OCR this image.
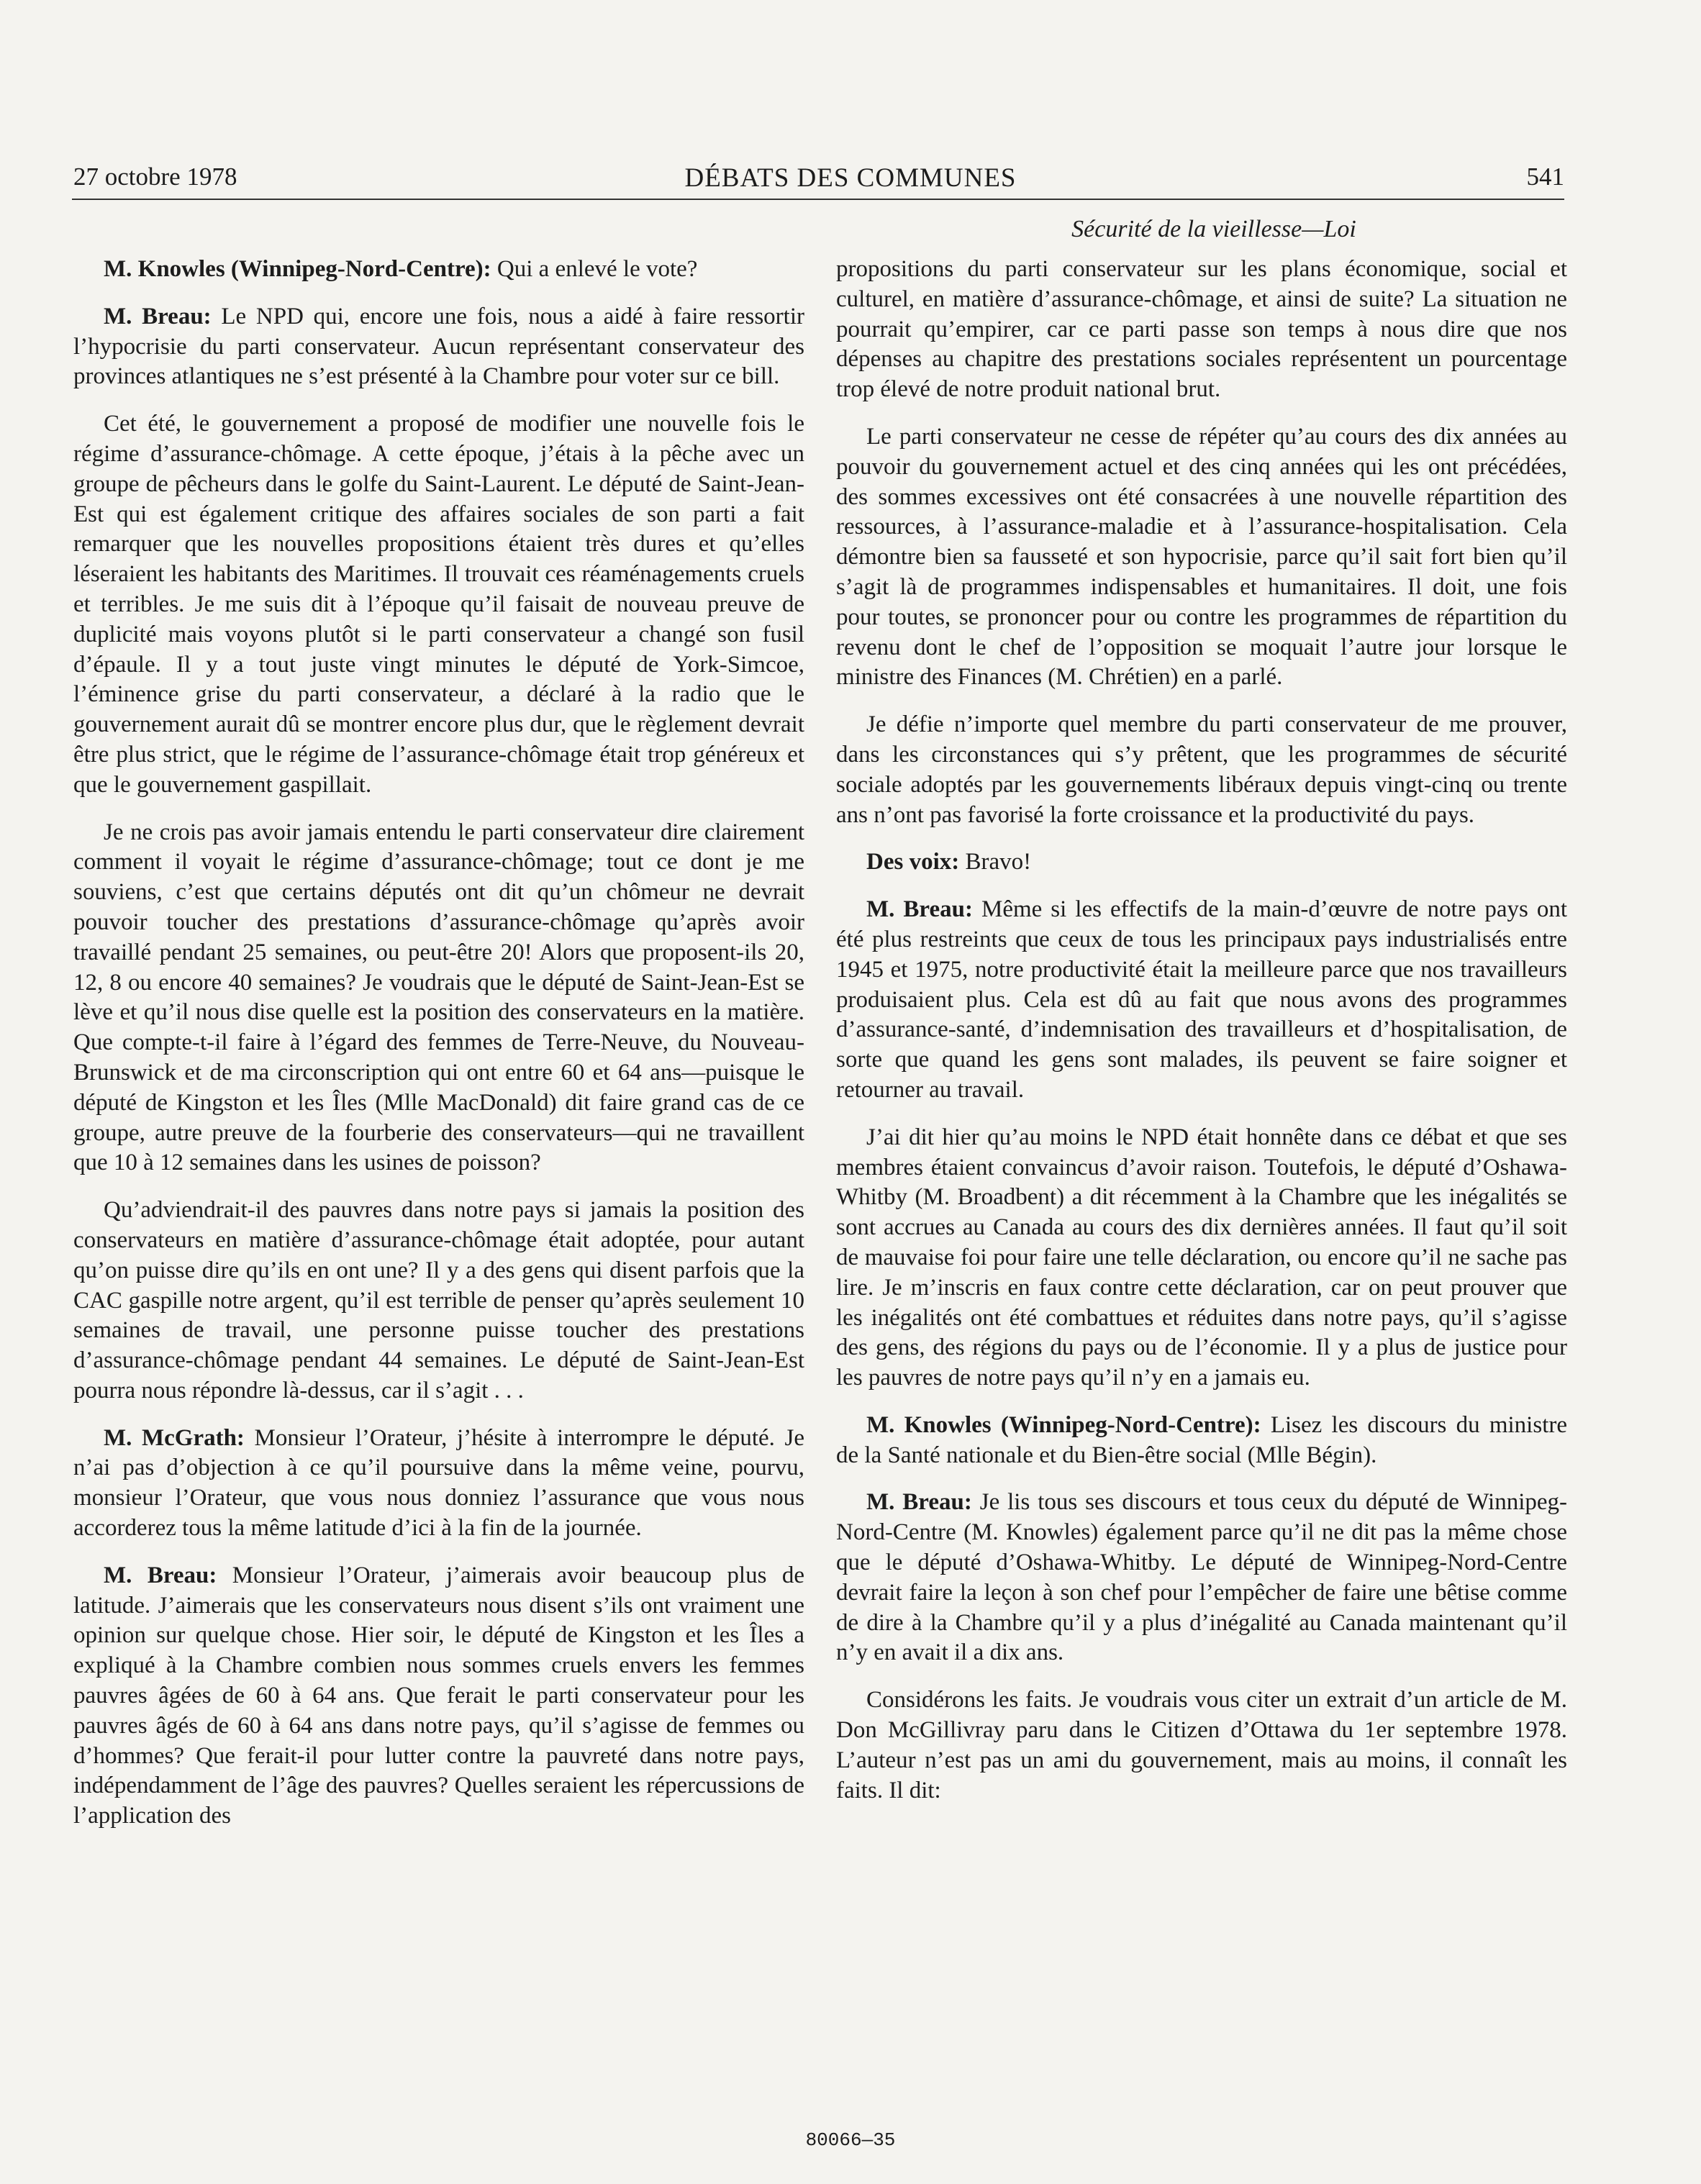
27 octobre 1978	DÉBATS DES COMMUNES	541
Sécurité de la vieillesse—Loi

M. Knowles (Winnipeg-Nord-Centre): Qui a enlevé le vote?

M. Breau: Le NPD qui, encore une fois, nous a aidé à faire ressortir l’hypocrisie du parti conservateur. Aucun représentant conservateur des provinces atlantiques ne s’est présenté à la Chambre pour voter sur ce bill.

Cet été, le gouvernement a proposé de modifier une nouvelle fois le régime d’assurance-chômage. A cette époque, j’étais à la pêche avec un groupe de pêcheurs dans le golfe du Saint-Laurent. Le député de Saint-Jean-Est qui est également critique des affaires sociales de son parti a fait remarquer que les nouvelles propositions étaient très dures et qu’elles léseraient les habitants des Maritimes. Il trouvait ces réaménagements cruels et terribles. Je me suis dit à l’époque qu’il faisait de nouveau preuve de duplicité mais voyons plutôt si le parti conservateur a changé son fusil d’épaule. Il y a tout juste vingt minutes le député de York-Simcoe, l’éminence grise du parti conservateur, a déclaré à la radio que le gouvernement aurait dû se montrer encore plus dur, que le règlement devrait être plus strict, que le régime de l’assurance-chômage était trop généreux et que le gouvernement gaspillait.

Je ne crois pas avoir jamais entendu le parti conservateur dire clairement comment il voyait le régime d’assurance-chômage; tout ce dont je me souviens, c’est que certains députés ont dit qu’un chômeur ne devrait pouvoir toucher des prestations d’assurance-chômage qu’après avoir travaillé pendant 25 semaines, ou peut-être 20! Alors que proposent-ils 20, 12, 8 ou encore 40 semaines? Je voudrais que le député de Saint-Jean-Est se lève et qu’il nous dise quelle est la position des conservateurs en la matière. Que compte-t-il faire à l’égard des femmes de Terre-Neuve, du Nouveau-Brunswick et de ma circonscription qui ont entre 60 et 64 ans—puisque le député de Kingston et les Îles (Mlle MacDonald) dit faire grand cas de ce groupe, autre preuve de la fourberie des conservateurs—qui ne travaillent que 10 à 12 semaines dans les usines de poisson?

Qu’adviendrait-il des pauvres dans notre pays si jamais la position des conservateurs en matière d’assurance-chômage était adoptée, pour autant qu’on puisse dire qu’ils en ont une? Il y a des gens qui disent parfois que la CAC gaspille notre argent, qu’il est terrible de penser qu’après seulement 10 semaines de travail, une personne puisse toucher des prestations d’assurance-chômage pendant 44 semaines. Le député de Saint-Jean-Est pourra nous répondre là-dessus, car il s’agit . . .

M. McGrath: Monsieur l’Orateur, j’hésite à interrompre le député. Je n’ai pas d’objection à ce qu’il poursuive dans la même veine, pourvu, monsieur l’Orateur, que vous nous donniez l’assurance que vous nous accorderez tous la même latitude d’ici à la fin de la journée.

M. Breau: Monsieur l’Orateur, j’aimerais avoir beaucoup plus de latitude. J’aimerais que les conservateurs nous disent s’ils ont vraiment une opinion sur quelque chose. Hier soir, le député de Kingston et les Îles a expliqué à la Chambre combien nous sommes cruels envers les femmes pauvres âgées de 60 à 64 ans. Que ferait le parti conservateur pour les pauvres âgés de 60 à 64 ans dans notre pays, qu’il s’agisse de femmes ou d’hommes? Que ferait-il pour lutter contre la pauvreté dans notre pays, indépendamment de l’âge des pauvres? Quelles seraient les répercussions de l’application des

propositions du parti conservateur sur les plans économique, social et culturel, en matière d’assurance-chômage, et ainsi de suite? La situation ne pourrait qu’empirer, car ce parti passe son temps à nous dire que nos dépenses au chapitre des prestations sociales représentent un pourcentage trop élevé de notre produit national brut.

Le parti conservateur ne cesse de répéter qu’au cours des dix années au pouvoir du gouvernement actuel et des cinq années qui les ont précédées, des sommes excessives ont été consacrées à une nouvelle répartition des ressources, à l’assurance-maladie et à l’assurance-hospitalisation. Cela démontre bien sa fausseté et son hypocrisie, parce qu’il sait fort bien qu’il s’agit là de programmes indispensables et humanitaires. Il doit, une fois pour toutes, se prononcer pour ou contre les programmes de répartition du revenu dont le chef de l’opposition se moquait l’autre jour lorsque le ministre des Finances (M. Chrétien) en a parlé.

Je défie n’importe quel membre du parti conservateur de me prouver, dans les circonstances qui s’y prêtent, que les programmes de sécurité sociale adoptés par les gouvernements libéraux depuis vingt-cinq ou trente ans n’ont pas favorisé la forte croissance et la productivité du pays.

Des voix: Bravo!

M. Breau: Même si les effectifs de la main-d’œuvre de notre pays ont été plus restreints que ceux de tous les principaux pays industrialisés entre 1945 et 1975, notre productivité était la meilleure parce que nos travailleurs produisaient plus. Cela est dû au fait que nous avons des programmes d’assurance-santé, d’indemnisation des travailleurs et d’hospitalisation, de sorte que quand les gens sont malades, ils peuvent se faire soigner et retourner au travail.

J’ai dit hier qu’au moins le NPD était honnête dans ce débat et que ses membres étaient convaincus d’avoir raison. Toutefois, le député d’Oshawa-Whitby (M. Broadbent) a dit récemment à la Chambre que les inégalités se sont accrues au Canada au cours des dix dernières années. Il faut qu’il soit de mauvaise foi pour faire une telle déclaration, ou encore qu’il ne sache pas lire. Je m’inscris en faux contre cette déclaration, car on peut prouver que les inégalités ont été combattues et réduites dans notre pays, qu’il s’agisse des gens, des régions du pays ou de l’économie. Il y a plus de justice pour les pauvres de notre pays qu’il n’y en a jamais eu.

M. Knowles (Winnipeg-Nord-Centre): Lisez les discours du ministre de la Santé nationale et du Bien-être social (Mlle Bégin).

M. Breau: Je lis tous ses discours et tous ceux du député de Winnipeg-Nord-Centre (M. Knowles) également parce qu’il ne dit pas la même chose que le député d’Oshawa-Whitby. Le député de Winnipeg-Nord-Centre devrait faire la leçon à son chef pour l’empêcher de faire une bêtise comme de dire à la Chambre qu’il y a plus d’inégalité au Canada maintenant qu’il n’y en avait il a dix ans.

Considérons les faits. Je voudrais vous citer un extrait d’un article de M. Don McGillivray paru dans le Citizen d’Ottawa du 1er septembre 1978. L’auteur n’est pas un ami du gouvernement, mais au moins, il connaît les faits. Il dit:

80066—35
